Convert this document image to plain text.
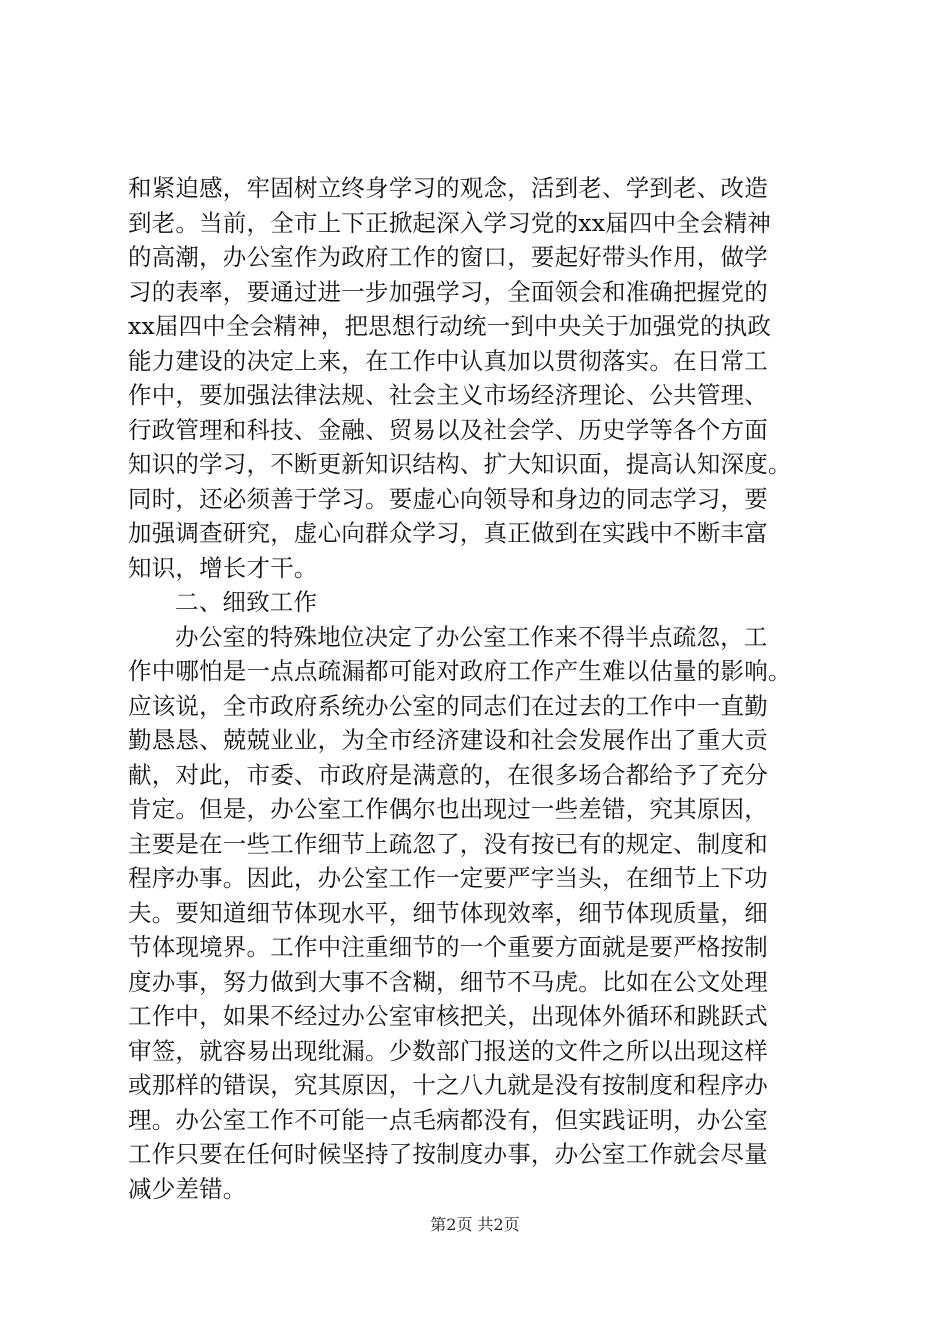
和紧迫感，牢固树立终身学习的观念，活到老、学到老、改造
到老。当前，全市上下正掀起深入学习党的xx届四中全会精神
的高潮，办公室作为政府工作的窗口，要起好带头作用，做学
习的表率，要通过进一步加强学习，全面领会和准确把握党的
xx届四中全会精神，把思想行动统一到中央关于加强党的执政
能力建设的决定上来，在工作中认真加以贯彻落实。在日常工
作中，要加强法律法规、社会主义市场经济理论、公共管理、
行政管理和科技、金融、贸易以及社会学、历史学等各个方面
知识的学习，不断更新知识结构、扩大知识面，提高认知深度。
同时，还必须善于学习。要虚心向领导和身边的同志学习，要
加强调查研究，虚心向群众学习，真正做到在实践中不断丰富
知识，增长才干。
二、细致工作
办公室的特殊地位决定了办公室工作来不得半点疏忽，工
作中哪怕是一点点疏漏都可能对政府工作产生难以估量的影响。
应该说，全市政府系统办公室的同志们在过去的工作中一直勤
勤恳恳、兢兢业业，为全市经济建设和社会发展作出了重大贡
献，对此，市委、市政府是满意的，在很多场合都给予了充分
肯定。但是，办公室工作偶尔也出现过一些差错，究其原因，
主要是在一些工作细节上疏忽了，没有按已有的规定、制度和
程序办事。因此，办公室工作一定要严字当头，在细节上下功
夫。要知道细节体现水平，细节体现效率，细节体现质量，细
节体现境界。工作中注重细节的一个重要方面就是要严格按制
度办事，努力做到大事不含糊，细节不马虎。比如在公文处理
工作中，如果不经过办公室审核把关，出现体外循环和跳跃式
审签，就容易出现纰漏。少数部门报送的文件之所以出现这样
或那样的错误，究其原因，十之八九就是没有按制度和程序办
理。办公室工作不可能一点毛病都没有，但实践证明，办公室
工作只要在任何时候坚持了按制度办事，办公室工作就会尽量
减少差错。
第2页 共2页
